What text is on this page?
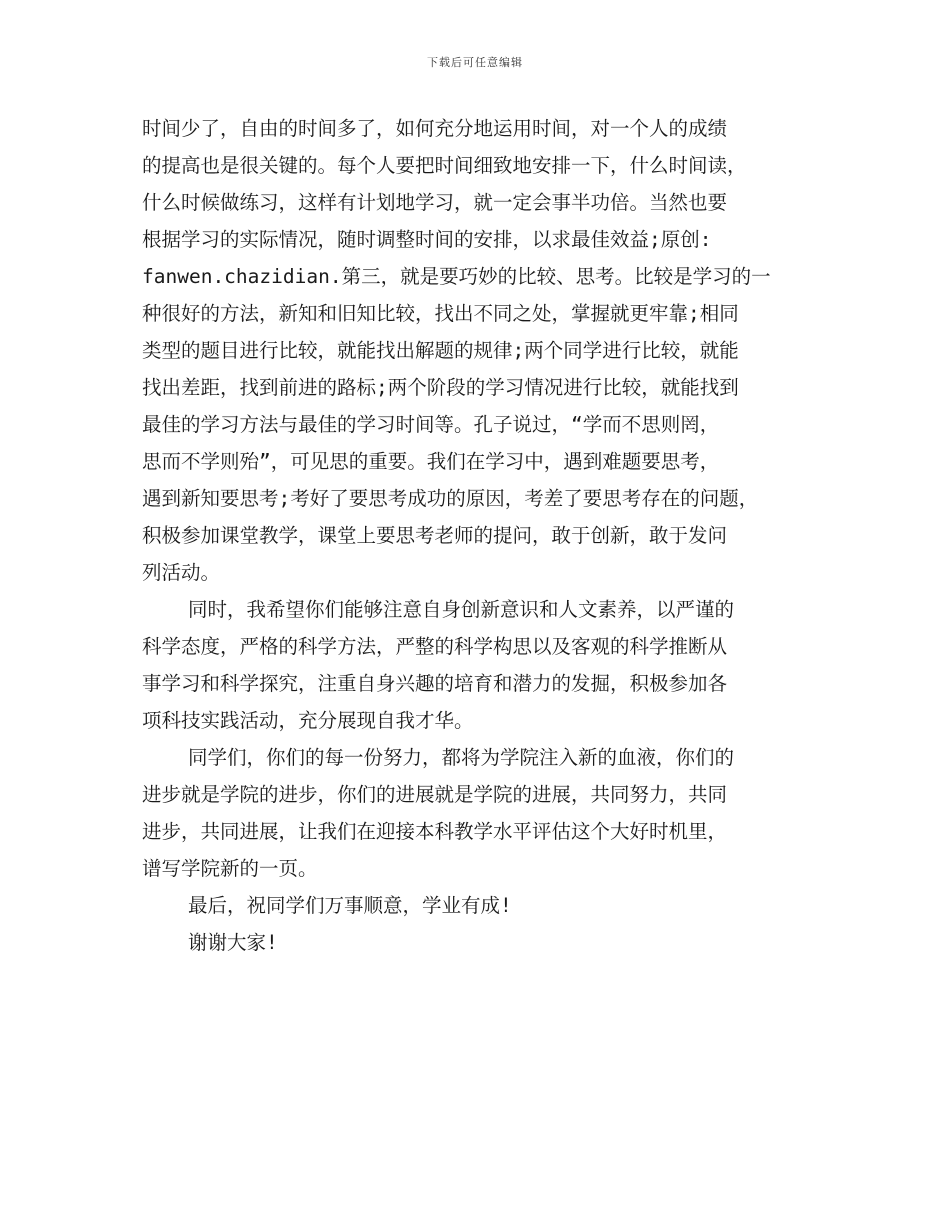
下载后可任意编辑
时间少了，自由的时间多了，如何充分地运用时间，对一个人的成绩
的提高也是很关键的。每个人要把时间细致地安排一下，什么时间读，
什么时候做练习，这样有计划地学习，就一定会事半功倍。当然也要
根据学习的实际情况，随时调整时间的安排，以求最佳效益;原创:
fanwen.chazidian.第三，就是要巧妙的比较、思考。比较是学习的一
种很好的方法，新知和旧知比较，找出不同之处，掌握就更牢靠;相同
类型的题目进行比较，就能找出解题的规律;两个同学进行比较，就能
找出差距，找到前进的路标;两个阶段的学习情况进行比较，就能找到
最佳的学习方法与最佳的学习时间等。孔子说过，“学而不思则罔，
思而不学则殆”，可见思的重要。我们在学习中，遇到难题要思考，
遇到新知要思考;考好了要思考成功的原因，考差了要思考存在的问题，
积极参加课堂教学，课堂上要思考老师的提问，敢于创新，敢于发问
列活动。
同时，我希望你们能够注意自身创新意识和人文素养，以严谨的
科学态度，严格的科学方法，严整的科学构思以及客观的科学推断从
事学习和科学探究，注重自身兴趣的培育和潜力的发掘，积极参加各
项科技实践活动，充分展现自我才华。
同学们，你们的每一份努力，都将为学院注入新的血液，你们的
进步就是学院的进步，你们的进展就是学院的进展，共同努力，共同
进步，共同进展，让我们在迎接本科教学水平评估这个大好时机里，
谱写学院新的一页。
最后，祝同学们万事顺意，学业有成!
谢谢大家!
